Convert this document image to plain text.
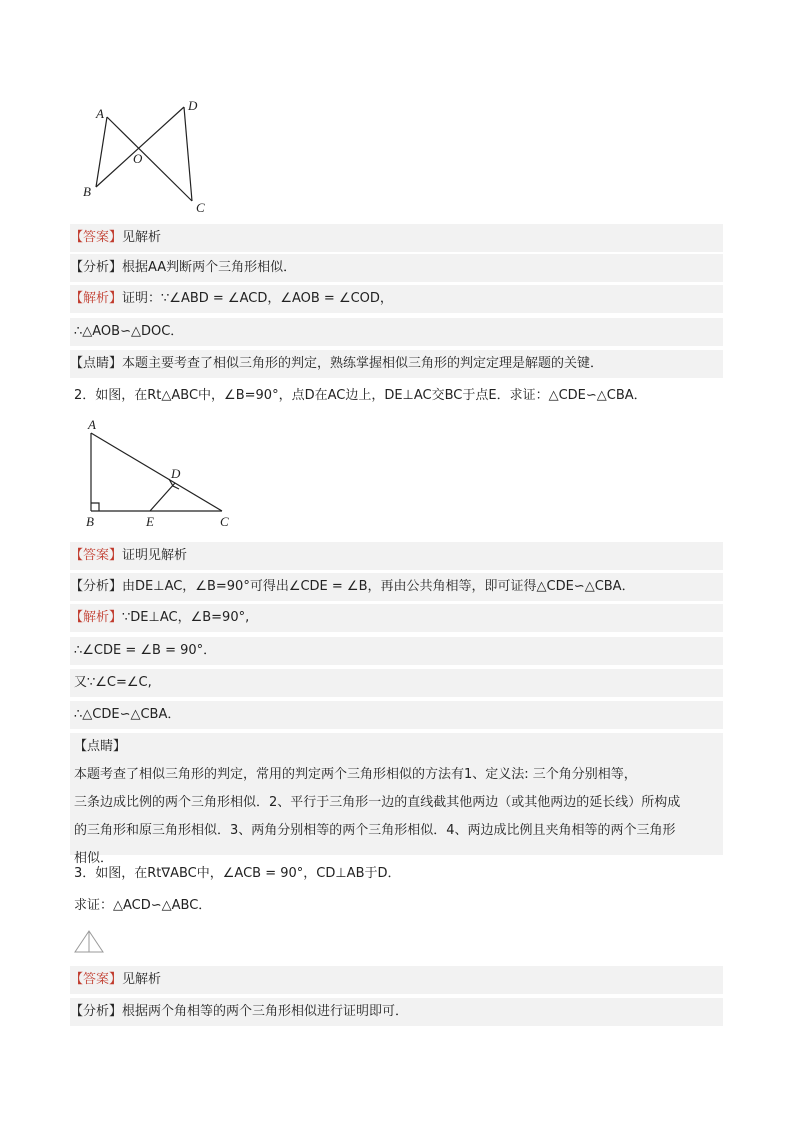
A
D
O
B
C
【答案】见解析
【分析】根据AA判断两个三角形相似．
【解析】证明：∵∠ABD = ∠ACD，∠AOB = ∠COD，
∴△AOB∽△DOC．
【点睛】本题主要考查了相似三角形的判定，熟练掌握相似三角形的判定定理是解题的关键．
2．如图，在Rt△ABC中，∠B=90°，点D在AC边上，DE⊥AC交BC于点E．求证：△CDE∽△CBA．
A
D
B	E	C
【答案】证明见解析
【分析】由DE⊥AC，∠B=90°可得出∠CDE = ∠B，再由公共角相等，即可证得△CDE∽△CBA．
【解析】∵DE⊥AC，∠B=90°,
∴∠CDE = ∠B = 90°．
又∵∠C=∠C,
∴△CDE∽△CBA．
【点睛】
本题考查了相似三角形的判定，常用的判定两个三角形相似的方法有1、定义法: 三个角分别相等，
三条边成比例的两个三角形相似．2、平行于三角形一边的直线截其他两边（或其他两边的延长线）所构成
的三角形和原三角形相似．3、两角分别相等的两个三角形相似．4、两边成比例且夹角相等的两个三角形
相似．
3．如图，在Rt∇ABC中，∠ACB = 90°，CD⊥AB于D．
求证：△ACD∽△ABC．
【答案】见解析
【分析】根据两个角相等的两个三角形相似进行证明即可．
